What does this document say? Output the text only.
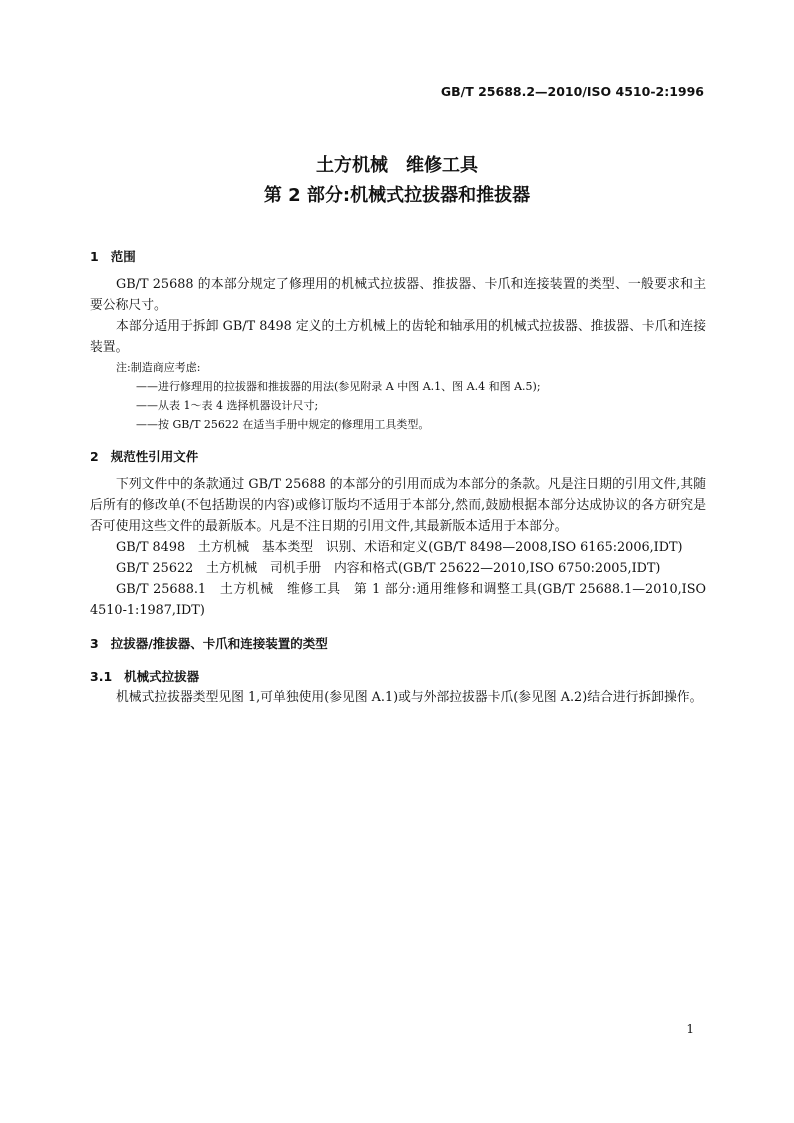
GB/T 25688.2—2010/ISO 4510-2:1996
土方机械　维修工具
第 2 部分:机械式拉拔器和推拔器
1 范围

GB/T 25688 的本部分规定了修理用的机械式拉拔器、推拔器、卡爪和连接装置的类型、一般要求和主要公称尺寸。

本部分适用于拆卸 GB/T 8498 定义的土方机械上的齿轮和轴承用的机械式拉拔器、推拔器、卡爪和连接装置。

注:制造商应考虑:
——进行修理用的拉拔器和推拔器的用法(参见附录 A 中图 A.1、图 A.4 和图 A.5);
——从表 1～表 4 选择机器设计尺寸;
——按 GB/T 25622 在适当手册中规定的修理用工具类型。
2 规范性引用文件

下列文件中的条款通过 GB/T 25688 的本部分的引用而成为本部分的条款。凡是注日期的引用文件,其随后所有的修改单(不包括勘误的内容)或修订版均不适用于本部分,然而,鼓励根据本部分达成协议的各方研究是否可使用这些文件的最新版本。凡是不注日期的引用文件,其最新版本适用于本部分。

GB/T 8498　土方机械　基本类型　识别、术语和定义(GB/T 8498—2008,ISO 6165:2006,IDT)

GB/T 25622　土方机械　司机手册　内容和格式(GB/T 25622—2010,ISO 6750:2005,IDT)

GB/T 25688.1　土方机械　维修工具　第 1 部分:通用维修和调整工具(GB/T 25688.1—2010,ISO 4510-1:1987,IDT)

3 拉拔器/推拔器、卡爪和连接装置的类型
3.1 机械式拉拔器

机械式拉拔器类型见图 1,可单独使用(参见图 A.1)或与外部拉拔器卡爪(参见图 A.2)结合进行拆卸操作。

1
